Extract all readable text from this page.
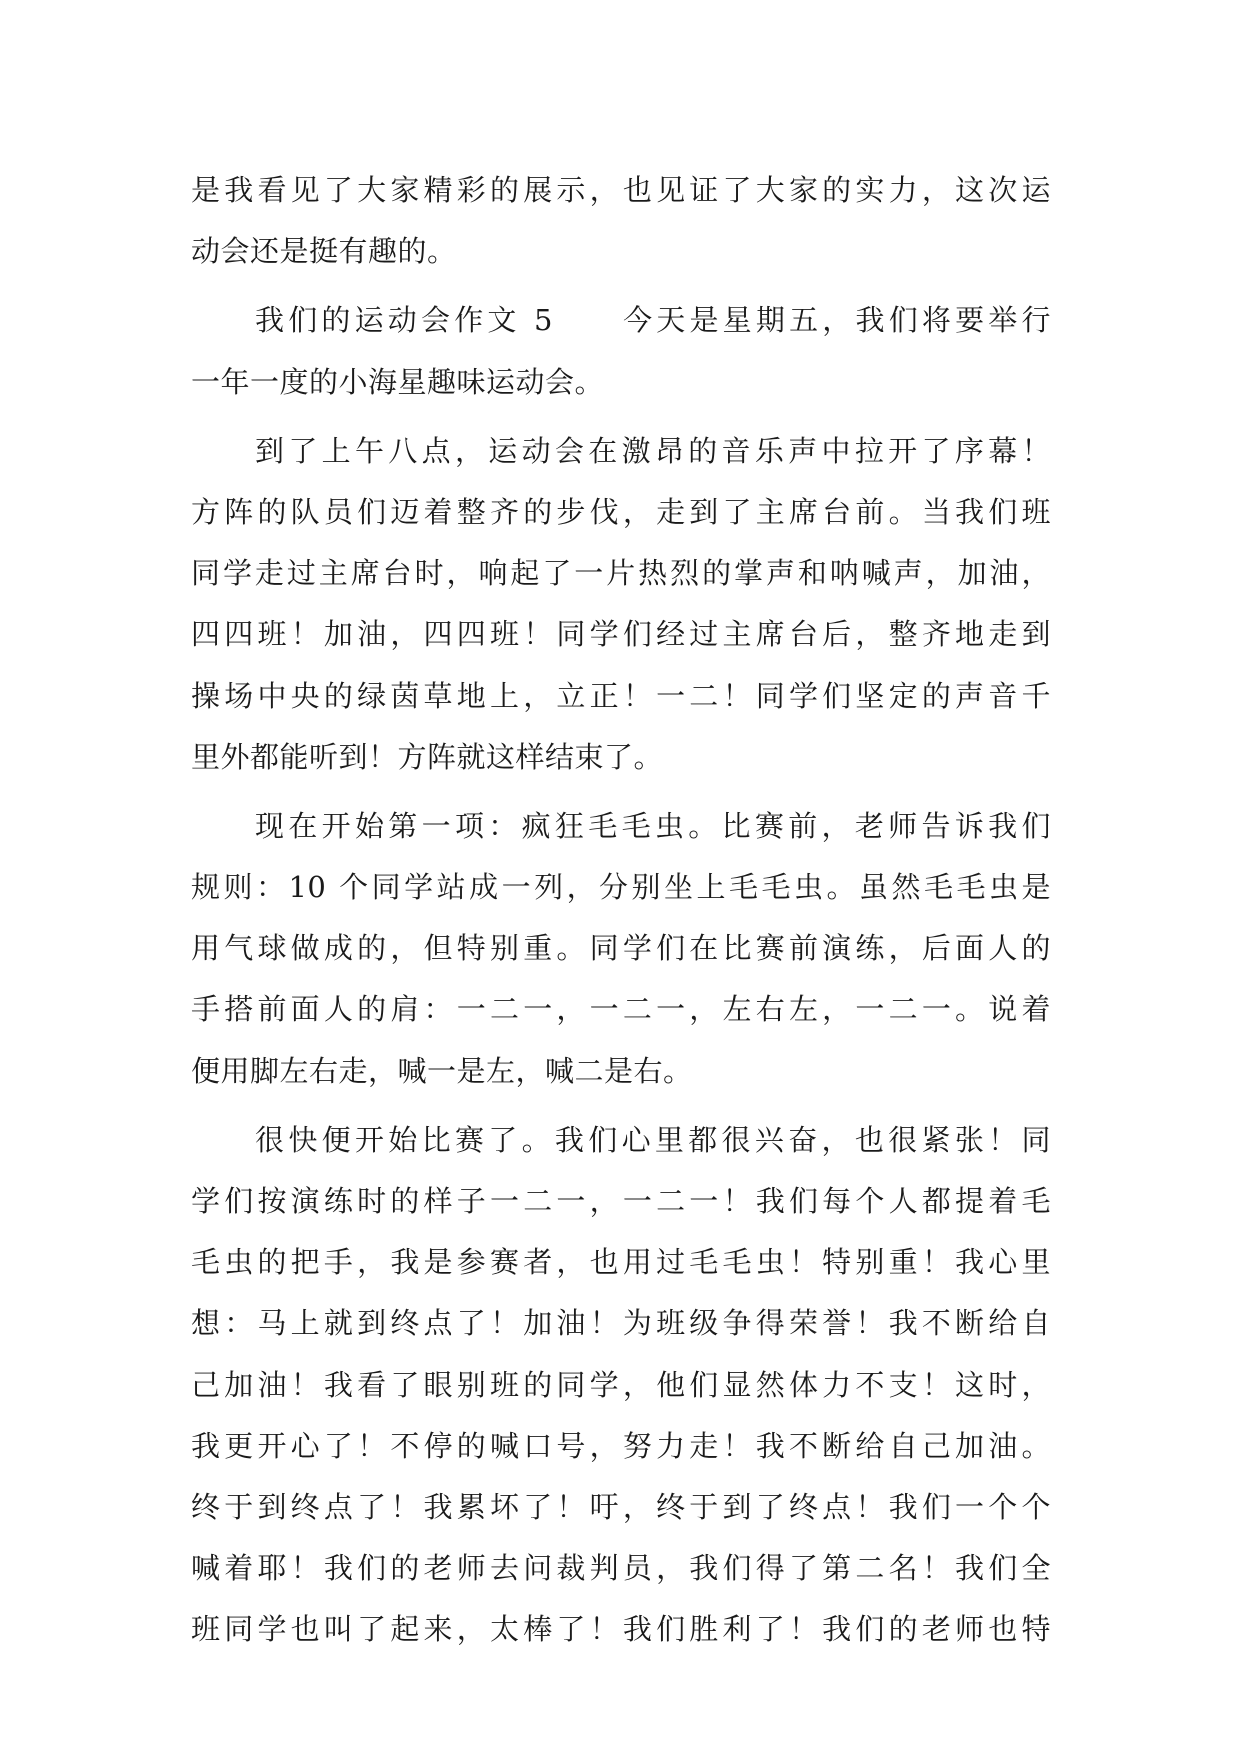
是我看见了大家精彩的展示，也见证了大家的实力，这次运
动会还是挺有趣的。
我们的运动会作文 5　　今天是星期五，我们将要举行
一年一度的小海星趣味运动会。
到了上午八点，运动会在激昂的音乐声中拉开了序幕！
方阵的队员们迈着整齐的步伐，走到了主席台前。当我们班
同学走过主席台时，响起了一片热烈的掌声和呐喊声，加油，
四四班！加油，四四班！同学们经过主席台后，整齐地走到
操场中央的绿茵草地上，立正！一二！同学们坚定的声音千
里外都能听到！方阵就这样结束了。
现在开始第一项：疯狂毛毛虫。比赛前，老师告诉我们
规则：10 个同学站成一列，分别坐上毛毛虫。虽然毛毛虫是
用气球做成的，但特别重。同学们在比赛前演练，后面人的
手搭前面人的肩：一二一，一二一，左右左，一二一。说着
便用脚左右走，喊一是左，喊二是右。
很快便开始比赛了。我们心里都很兴奋，也很紧张！同
学们按演练时的样子一二一，一二一！我们每个人都提着毛
毛虫的把手，我是参赛者，也用过毛毛虫！特别重！我心里
想：马上就到终点了！加油！为班级争得荣誉！我不断给自
己加油！我看了眼别班的同学，他们显然体力不支！这时，
我更开心了！不停的喊口号，努力走！我不断给自己加油。
终于到终点了！我累坏了！吁，终于到了终点！我们一个个
喊着耶！我们的老师去问裁判员，我们得了第二名！我们全
班同学也叫了起来，太棒了！我们胜利了！我们的老师也特
